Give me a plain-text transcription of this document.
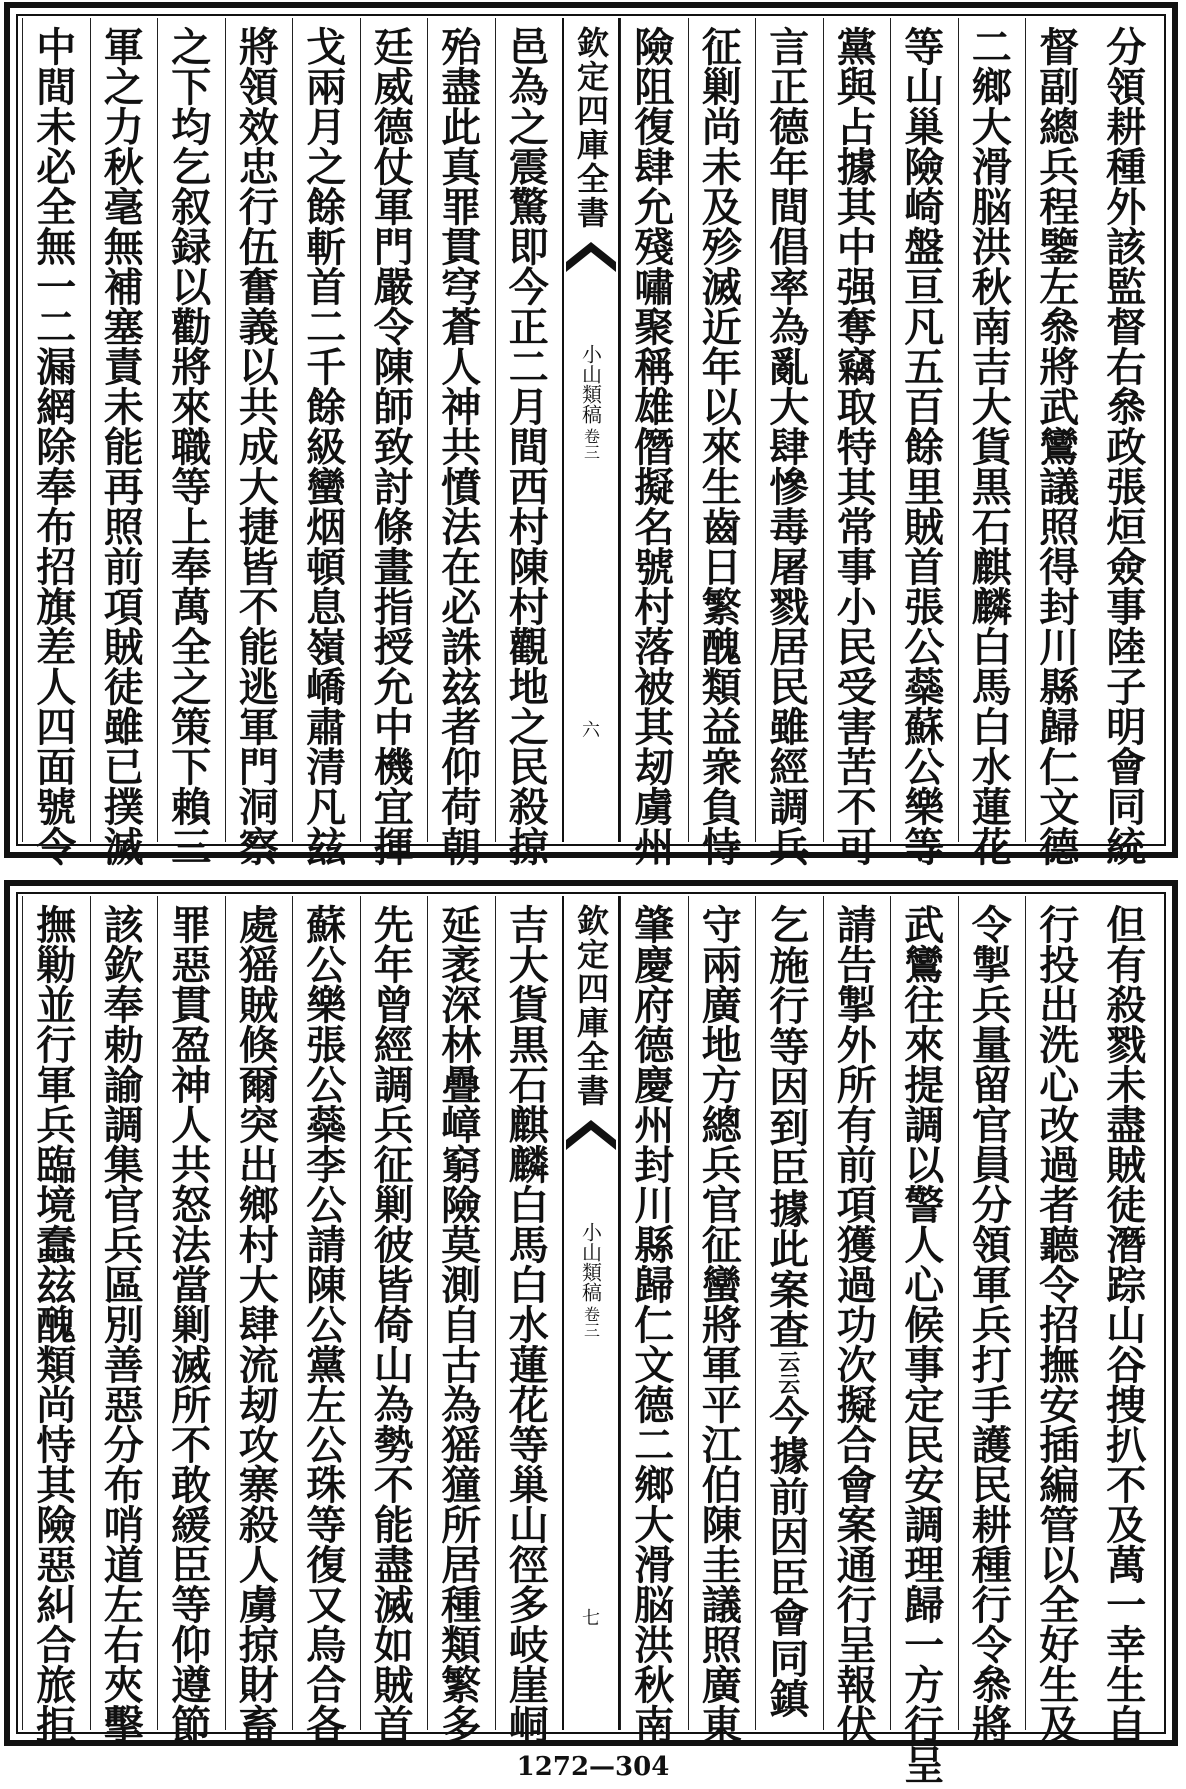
分
領
耕
種
外
該
監
督
右
叅
政
張
烜
僉
事
陸
子
明
會
同
統
督
副
總
兵
程
鑒
左
叅
將
武
鸞
議
照
得
封
川
縣
歸
仁
文
德
二
鄉
大
滑
脳
洪
秋
南
吉
大
貨
黒
石
麒
麟
白
馬
白
水
蓮
花
等
山
巢
險
崎
盤
亘
凡
五
百
餘
里
賊
首
張
公
蘂
蘇
公
樂
等
黨
與
占
據
其
中
强
奪
竊
取
特
其
常
事
小
民
受
害
苦
不
可
言
正
德
年
間
倡
率
為
亂
大
肆
慘
毒
屠
戮
居
民
雖
經
調
兵
征
剿
尚
未
及
殄
滅
近
年
以
來
生
齒
日
繁
醜
類
益
衆
負
恃
險
阻
復
肆
允
殘
嘯
聚
稱
雄
僭
擬
名
號
村
落
被
其
刼
虜
州
邑
為
之
震
驚
即
今
正
二
月
間
西
村
陳
村
觀
地
之
民
殺
掠
殆
盡
此
真
罪
貫
穹
蒼
人
神
共
憤
法
在
必
誅
玆
者
仰
荷
朝
廷
威
德
仗
軍
門
嚴
令
陳
師
致
討
條
畫
指
授
允
中
機
宜
揮
戈
兩
月
之
餘
斬
首
二
千
餘
級
蠻
烟
頓
息
嶺
嶠
肅
清
凡
玆
將
領
效
忠
行
伍
奮
義
以
共
成
大
捷
皆
不
能
逃
軍
門
洞
察
之
下
均
乞
叙
録
以
勸
將
來
職
等
上
奉
萬
全
之
策
下
賴
三
軍
之
力
秋
毫
無
補
塞
責
未
能
再
照
前
項
賊
徒
雖
已
撲
滅
中
間
未
必
全
無
一
二
漏
網
除
奉
布
招
旗
差
人
四
面
號
令
欽定四庫全書
小山類稿
卷三
六
但
有
殺
戮
未
盡
賊
徒
潛
踪
山
谷
捜
扒
不
及
萬
一
幸
生
自
行
投
出
洗
心
改
過
者
聽
令
招
撫
安
插
編
管
以
全
好
生
及
令
掣
兵
量
留
官
員
分
領
軍
兵
打
手
護
民
耕
種
行
令
叅
將
武
鸞
往
來
提
調
以
警
人
心
候
事
定
民
安
調
理
歸
一
方
行
呈
請
告
掣
外
所
有
前
項
獲
過
功
次
擬
合
會
案
通
行
呈
報
伏
乞
施
行
等
因
到
臣
據
此
案
查
云
云
今
據
前
因
臣
會
同
鎮
守
兩
廣
地
方
總
兵
官
征
蠻
將
軍
平
江
伯
陳
圭
議
照
廣
東
肇
慶
府
德
慶
州
封
川
縣
歸
仁
文
德
二
鄉
大
滑
脳
洪
秋
南
吉
大
貨
黒
石
麒
麟
白
馬
白
水
蓮
花
等
巢
山
徑
多
岐
崖
峒
延
袤
深
林
疊
嶂
窮
險
莫
測
自
古
為
猺
獞
所
居
種
類
繁
多
先
年
曾
經
調
兵
征
剿
彼
皆
倚
山
為
勢
不
能
盡
滅
如
賊
首
蘇
公
樂
張
公
蘂
李
公
請
陳
公
黨
左
公
珠
等
復
又
烏
合
各
處
猺
賊
倏
爾
突
出
鄉
村
大
肆
流
刼
攻
寨
殺
人
虜
掠
財
畜
罪
惡
貫
盈
神
人
共
怒
法
當
剿
滅
所
不
敢
緩
臣
等
仰
遵
節
該
欽
奉
勅
諭
調
集
官
兵
區
別
善
惡
分
布
哨
道
左
右
夾
擊
撫
勦
並
行
軍
兵
臨
境
蠢
玆
醜
類
尚
恃
其
險
惡
糾
合
旅
拒
欽定四庫全書
小山類稿
卷三
七
1272—304
